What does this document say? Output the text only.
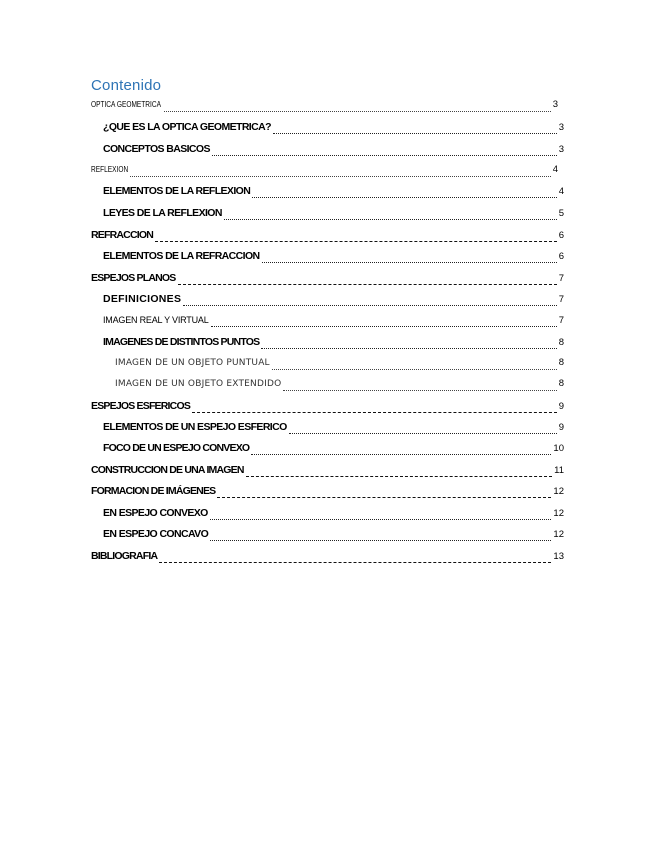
Contenido
OPTICA GEOMETRICA	3
¿QUE ES LA OPTICA GEOMETRICA?	3
CONCEPTOS BASICOS	3
REFLEXION	4
ELEMENTOS DE LA REFLEXION	4
LEYES DE LA REFLEXION	5
REFRACCION	6
ELEMENTOS DE LA REFRACCION	6
ESPEJOS PLANOS	7
DEFINICIONES	7
IMAGEN REAL Y VIRTUAL	7
IMAGENES DE DISTINTOS PUNTOS	8
IMAGEN DE UN OBJETO PUNTUAL	8
IMAGEN DE UN OBJETO EXTENDIDO	8
ESPEJOS ESFERICOS	9
ELEMENTOS DE UN ESPEJO ESFERICO	9
FOCO DE UN ESPEJO CONVEXO	10
CONSTRUCCION DE UNA IMAGEN	11
FORMACION DE IMÁGENES	12
EN ESPEJO CONVEXO	12
EN ESPEJO CONCAVO	12
BIBLIOGRAFIA	13
